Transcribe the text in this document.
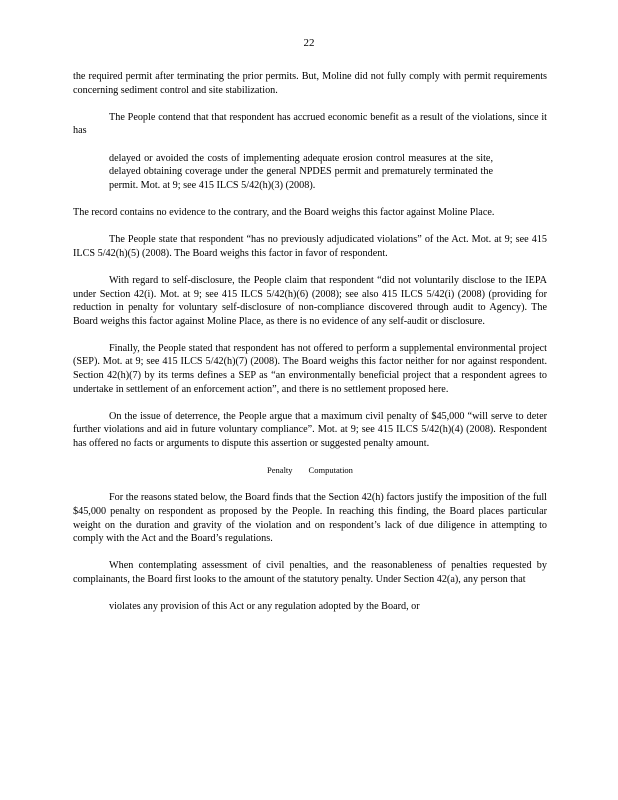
22

the required permit after terminating the prior permits. But, Moline did not fully comply with permit requirements concerning sediment control and site stabilization.

The People contend that that respondent has accrued economic benefit as a result of the violations, since it has

delayed or avoided the costs of implementing adequate erosion control measures at the site, delayed obtaining coverage under the general NPDES permit and prematurely terminated the permit. Mot. at 9; see 415 ILCS 5/42(h)(3) (2008).

The record contains no evidence to the contrary, and the Board weighs this factor against Moline Place.

The People state that respondent “has no previously adjudicated violations” of the Act. Mot. at 9; see 415 ILCS 5/42(h)(5) (2008). The Board weighs this factor in favor of respondent.

With regard to self-disclosure, the People claim that respondent “did not voluntarily disclose to the IEPA under Section 42(i). Mot. at 9; see 415 ILCS 5/42(h)(6) (2008); see also 415 ILCS 5/42(i) (2008) (providing for reduction in penalty for voluntary self-disclosure of non-compliance discovered through audit to Agency). The Board weighs this factor against Moline Place, as there is no evidence of any self-audit or disclosure.

Finally, the People stated that respondent has not offered to perform a supplemental environmental project (SEP). Mot. at 9; see 415 ILCS 5/42(h)(7) (2008). The Board weighs this factor neither for nor against respondent. Section 42(h)(7) by its terms defines a SEP as “an environmentally beneficial project that a respondent agrees to undertake in settlement of an enforcement action”, and there is no settlement proposed here.

On the issue of deterrence, the People argue that a maximum civil penalty of $45,000 “will serve to deter further violations and aid in future voluntary compliance”. Mot. at 9; see 415 ILCS 5/42(h)(4) (2008). Respondent has offered no facts or arguments to dispute this assertion or suggested penalty amount.

Penalty Computation

For the reasons stated below, the Board finds that the Section 42(h) factors justify the imposition of the full $45,000 penalty on respondent as proposed by the People. In reaching this finding, the Board places particular weight on the duration and gravity of the violation and on respondent’s lack of due diligence in attempting to comply with the Act and the Board’s regulations.

When contemplating assessment of civil penalties, and the reasonableness of penalties requested by complainants, the Board first looks to the amount of the statutory penalty. Under Section 42(a), any person that

violates any provision of this Act or any regulation adopted by the Board, or
